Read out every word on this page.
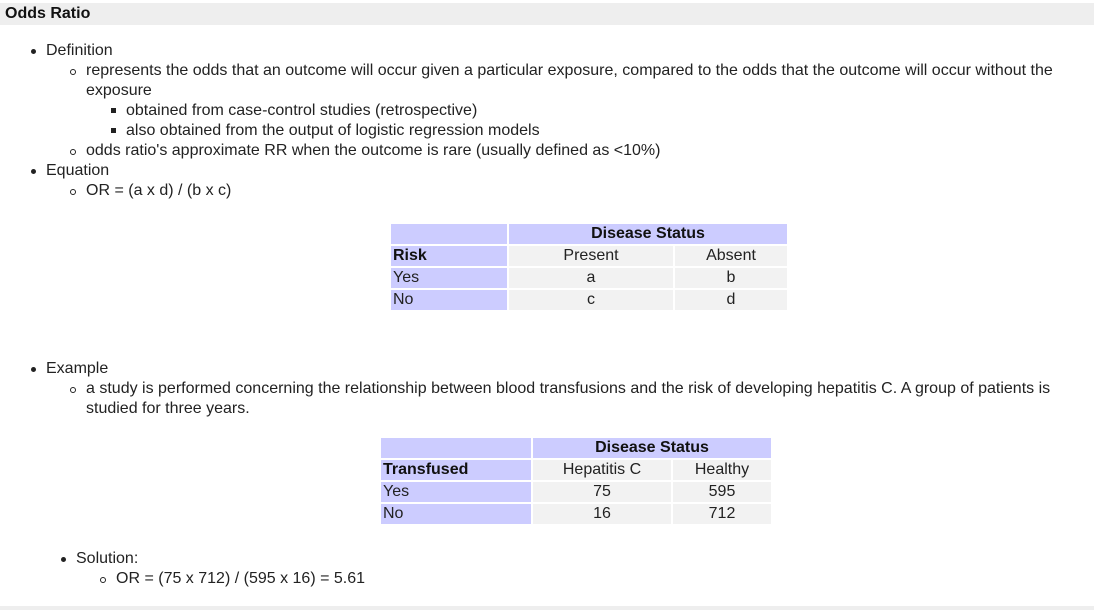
Odds Ratio
Definition
represents the odds that an outcome will occur given a particular exposure, compared to the odds that the outcome will occur without the
exposure
obtained from case-control studies (retrospective)
also obtained from the output of logistic regression models
odds ratio's approximate RR when the outcome is rare (usually defined as <10%)
Equation
OR = (a x d) / (b x c)
	Disease Status	
Risk	Present	Absent
Yes	a	b
No	c	d
Example
a study is performed concerning the relationship between blood transfusions and the risk of developing hepatitis C. A group of patients is
studied for three years.
	Disease Status	
Transfused	Hepatitis C	Healthy
Yes	75	595
No	16	712
Solution:
OR = (75 x 712) / (595 x 16) = 5.61
